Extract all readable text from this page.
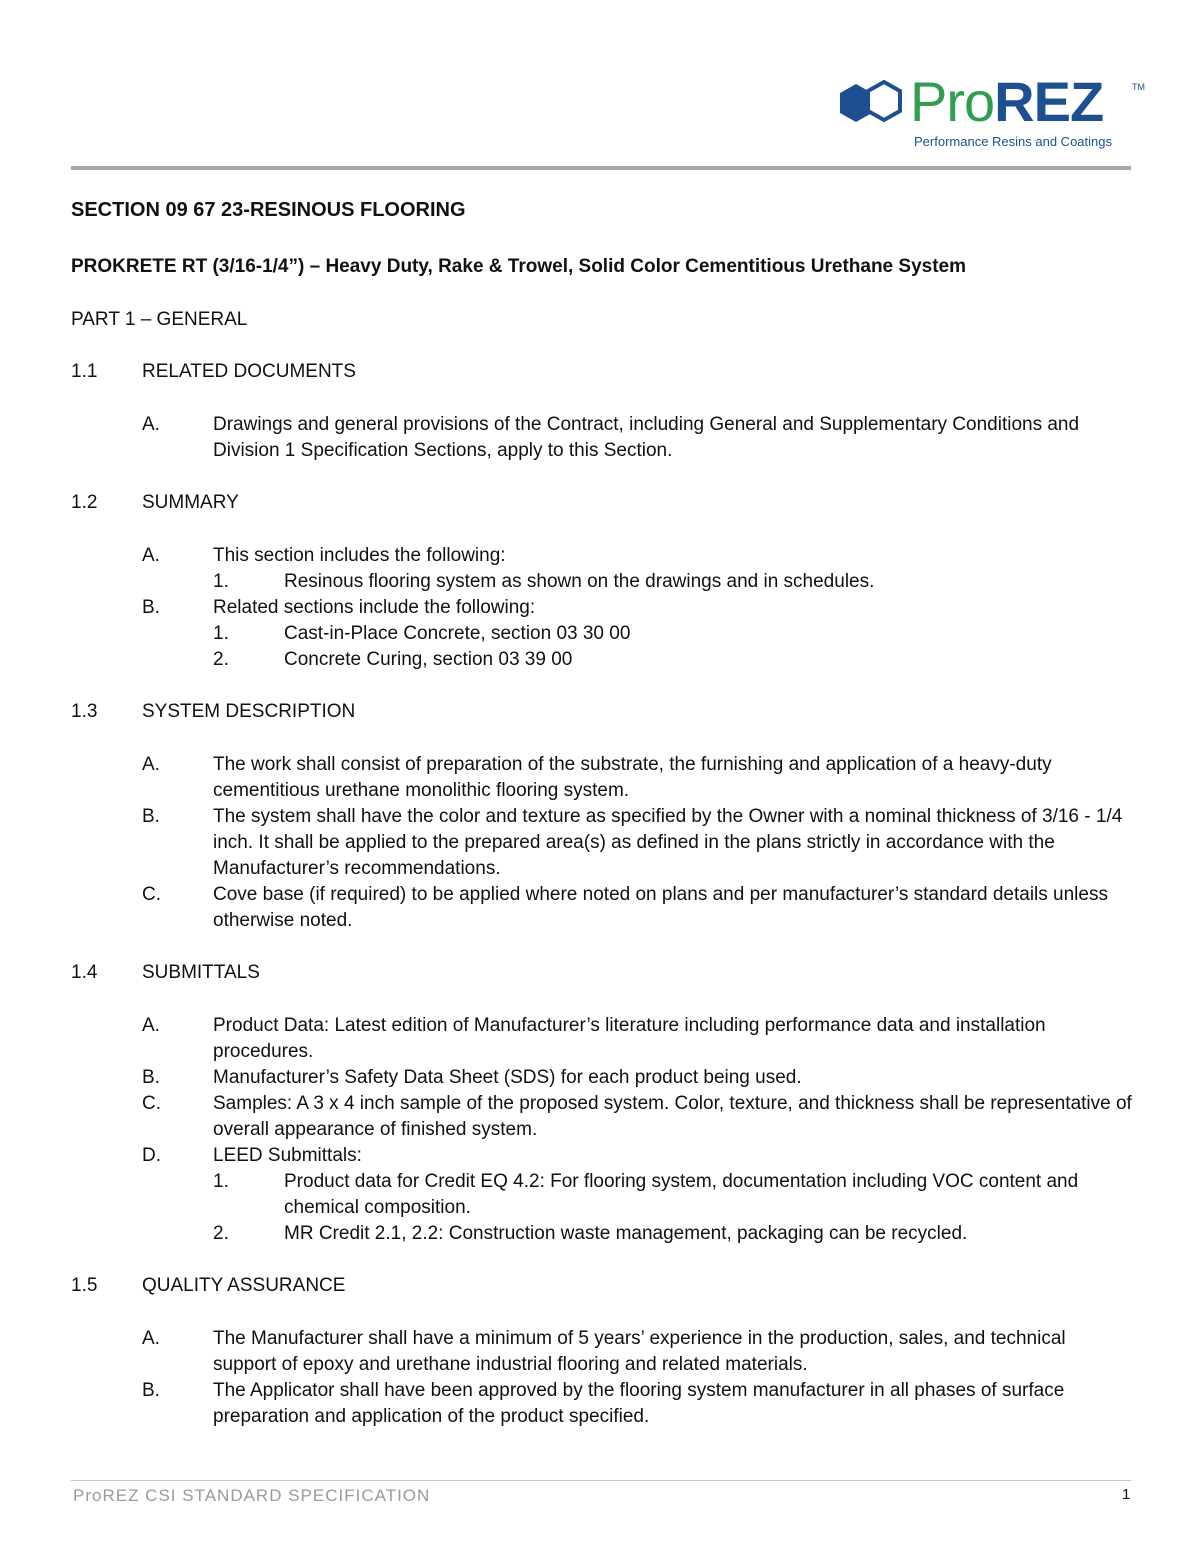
ProREZ	TM
Performance Resins and Coatings
SECTION 09 67 23-RESINOUS FLOORING

PROKRETE RT (3/16-1/4”) – Heavy Duty, Rake & Trowel, Solid Color Cementitious Urethane System

PART 1 – GENERAL

1.1	RELATED DOCUMENTS
A.	Drawings and general provisions of the Contract, including General and Supplementary Conditions and Division 1 Specification Sections, apply to this Section.
1.2	SUMMARY
A.	This section includes the following:
1.	Resinous flooring system as shown on the drawings and in schedules.
B.	Related sections include the following:
1.	Cast-in-Place Concrete, section 03 30 00
2.	Concrete Curing, section 03 39 00
1.3	SYSTEM DESCRIPTION
A.	The work shall consist of preparation of the substrate, the furnishing and application of a heavy-duty cementitious urethane monolithic flooring system.
B.	The system shall have the color and texture as specified by the Owner with a nominal thickness of 3/16 - 1/4 inch. It shall be applied to the prepared area(s) as defined in the plans strictly in accordance with the Manufacturer’s recommendations.
C.	Cove base (if required) to be applied where noted on plans and per manufacturer’s standard details unless otherwise noted.
1.4	SUBMITTALS
A.	Product Data: Latest edition of Manufacturer’s literature including performance data and installation procedures.
B.	Manufacturer’s Safety Data Sheet (SDS) for each product being used.
C.	Samples: A 3 x 4 inch sample of the proposed system. Color, texture, and thickness shall be representative of overall appearance of finished system.
D.	LEED Submittals:
1.	Product data for Credit EQ 4.2: For flooring system, documentation including VOC content and chemical composition.
2.	MR Credit 2.1, 2.2: Construction waste management, packaging can be recycled.
1.5	QUALITY ASSURANCE
A.	The Manufacturer shall have a minimum of 5 years’ experience in the production, sales, and technical support of epoxy and urethane industrial flooring and related materials.
B.	The Applicator shall have been approved by the flooring system manufacturer in all phases of surface preparation and application of the product specified.
ProREZ CSI STANDARD SPECIFICATION	1
